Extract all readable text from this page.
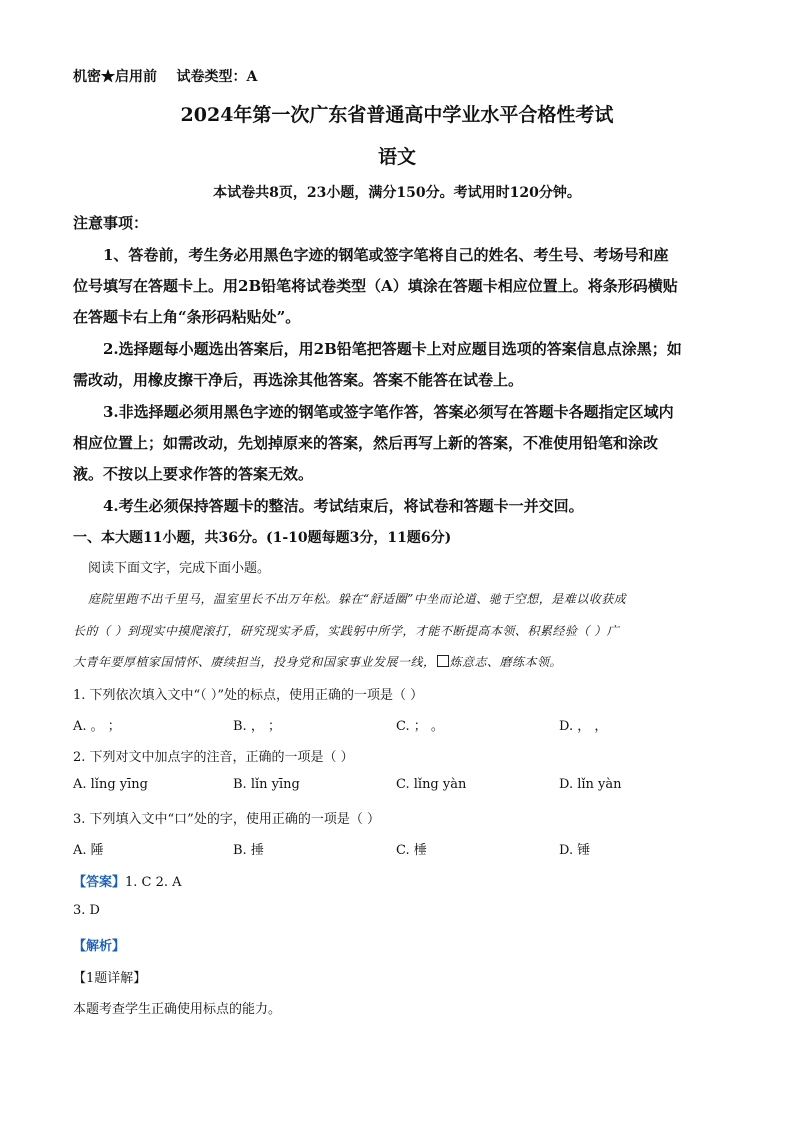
机密★启用前 试卷类型：A
2024年第一次广东省普通高中学业水平合格性考试
语文
本试卷共8页，23小题，满分150分。考试用时120分钟。
注意事项：
1、答卷前，考生务必用黑色字迹的钢笔或签字笔将自己的姓名、考生号、考场号和座
位号填写在答题卡上。用2B铅笔将试卷类型（A）填涂在答题卡相应位置上。将条形码横贴
在答题卡右上角“条形码粘贴处”。
2.选择题每小题选出答案后，用2B铅笔把答题卡上对应题目选项的答案信息点涂黑；如
需改动，用橡皮擦干净后，再选涂其他答案。答案不能答在试卷上。
3.非选择题必须用黑色字迹的钢笔或签字笔作答，答案必须写在答题卡各题指定区域内
相应位置上；如需改动，先划掉原来的答案，然后再写上新的答案，不准使用铅笔和涂改
液。不按以上要求作答的答案无效。
4.考生必须保持答题卡的整洁。考试结束后，将试卷和答题卡一并交回。
一、本大题11小题，共36分。(1-10题每题3分，11题6分)
阅读下面文字，完成下面小题。
庭院里跑不出千里马，温室里长不出万年松。躲在“舒适圈”中坐而论道、驰于空想，是难以收获成
长的（ ）到现实中摸爬滚打，研究现实矛盾，实践躬中所学，才能不断提高本领、积累经验（ ）广
大青年要厚植家国情怀、赓续担当，投身党和国家事业发展一线， 炼意志、磨练本领。
1. 下列依次填入文中“（ ）”处的标点，使用正确的一项是（ ）
A. 。 ；	B. ， ；	C. ； 。	D. ， ，
2. 下列对文中加点字的注音，正确的一项是（ ）
A. lǐng yīng	B. lǐn yīng	C. lǐng yàn	D. lǐn yàn
3. 下列填入文中“口”处的字，使用正确的一项是（ ）
A. 陲	B. 捶	C. 棰	D. 锤
【答案】1. C 2. A
3. D
【解析】
【1题详解】
本题考查学生正确使用标点的能力。
